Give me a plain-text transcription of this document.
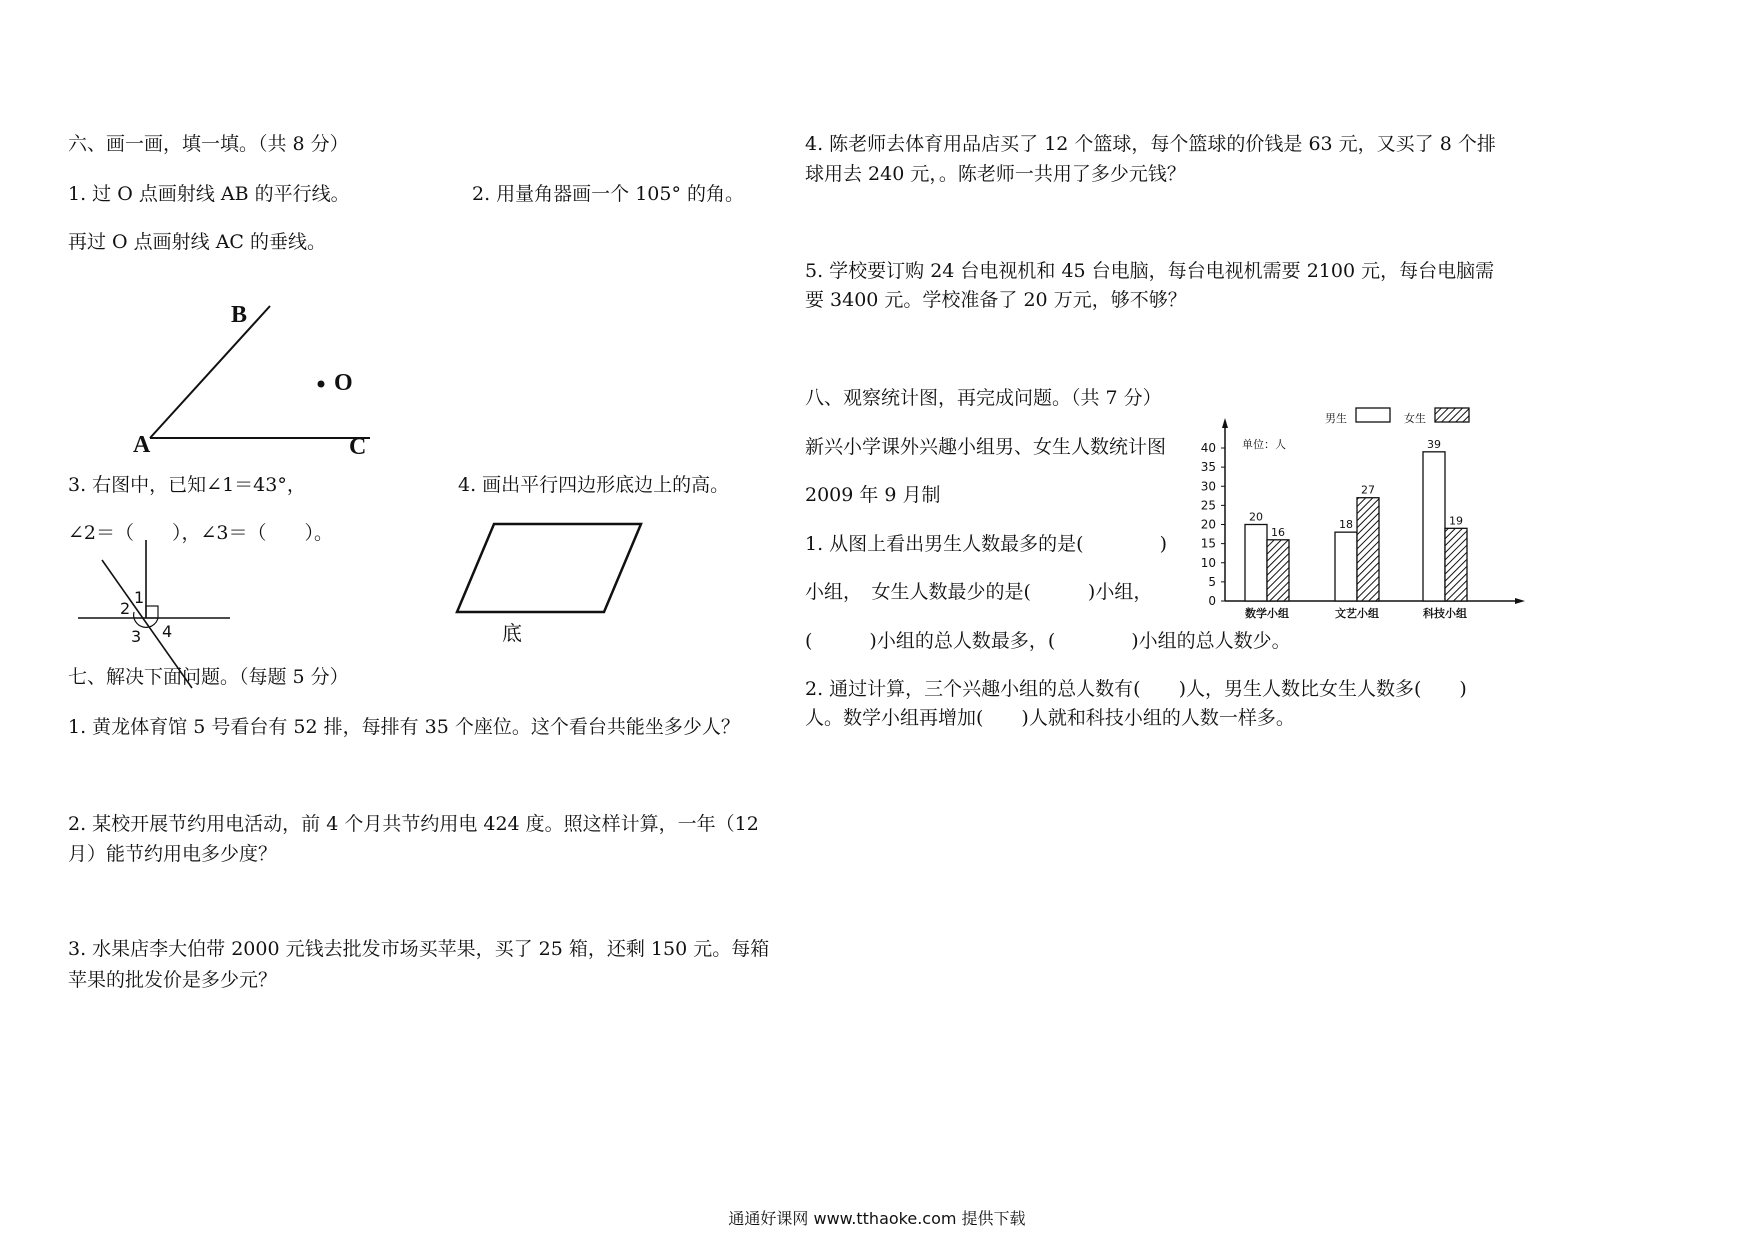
六、画一画，填一填。（共 8 分）
1. 过 O 点画射线 AB 的平行线。	2. 用量角器画一个 105° 的角。
再过 O 点画射线 AC 的垂线。
B
O
A	C
3. 右图中，已知∠1＝43°，	4. 画出平行四边形底边上的高。
∠2＝（　　），∠3＝（　　）。
1
2
3 4	底
七、解决下面问题。（每题 5 分）
1. 黄龙体育馆 5 号看台有 52 排，每排有 35 个座位。这个看台共能坐多少人？
2. 某校开展节约用电活动，前 4 个月共节约用电 424 度。照这样计算，一年（12
月）能节约用电多少度？
3. 水果店李大伯带 2000 元钱去批发市场买苹果，买了 25 箱，还剩 150 元。每箱
苹果的批发价是多少元？
4. 陈老师去体育用品店买了 12 个篮球，每个篮球的价钱是 63 元，又买了 8 个排
球用去 240 元，。陈老师一共用了多少元钱？
5. 学校要订购 24 台电视机和 45 台电脑，每台电视机需要 2100 元，每台电脑需
要 3400 元。学校准备了 20 万元，够不够？
八、观察统计图，再完成问题。（共 7 分）
新兴小学课外兴趣小组男、女生人数统计图
2009 年 9 月制
1. 从图上看出男生人数最多的是(　　　　)
小组，　女生人数最少的是(　　　)小组，
(　　　)小组的总人数最多，(　　　　)小组的总人数少。
2. 通过计算，三个兴趣小组的总人数有(　　)人，男生人数比女生人数多(　　)
人。数学小组再增加(　　)人就和科技小组的人数一样多。
0
5
10
15
20
25
30
35
40 单位：人
20
16
数学小组
18
27
文艺小组
39
19
科技小组
男生	女生
通通好课网 www.tthaoke.com 提供下载
